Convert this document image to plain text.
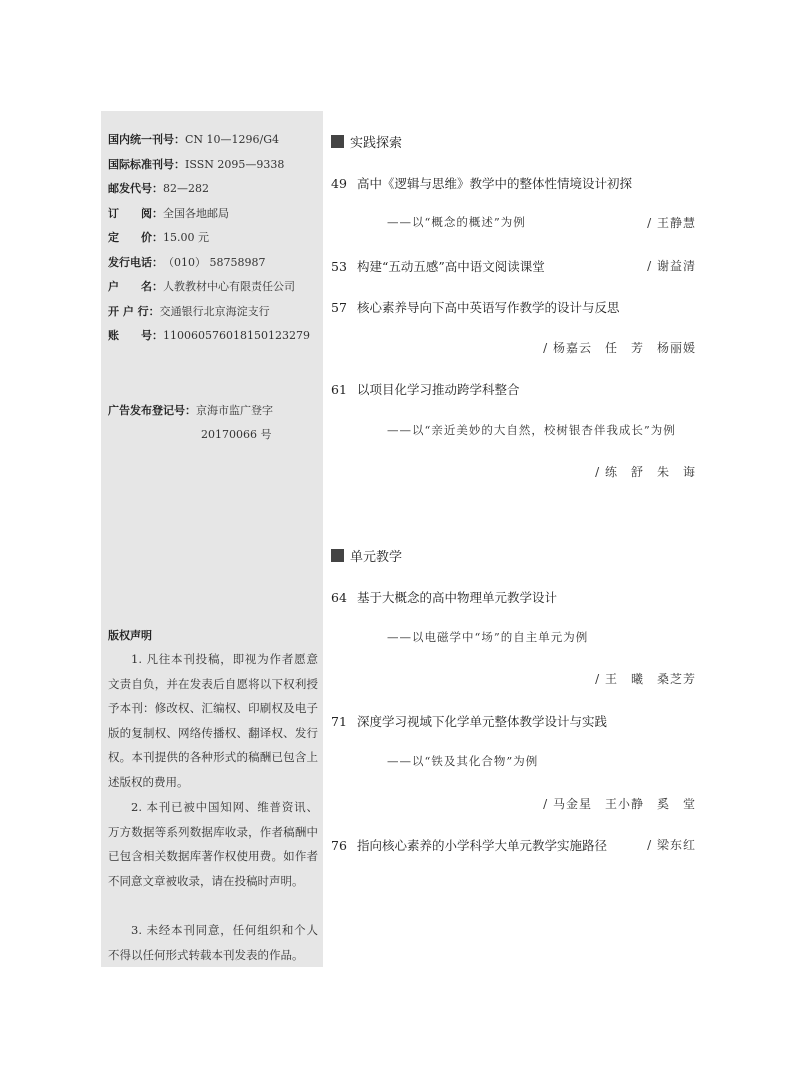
国内统一刊号：CN 10—1296/G4
国际标准刊号：ISSN 2095—9338
邮发代号：82—282
订　　阅：全国各地邮局
定　　价：15.00 元
发行电话：（010） 58758987
户　　名：人教教材中心有限责任公司
开 户 行：交通银行北京海淀支行
账　　号：110060576018150123279
广告发布登记号：京海市监广登字
20170066 号
版权声明
1. 凡往本刊投稿，即视为作者愿意文责自负，并在发表后自愿将以下权利授予本刊：修改权、汇编权、印刷权及电子版的复制权、网络传播权、翻译权、发行权。本刊提供的各种形式的稿酬已包含上述版权的费用。
2. 本刊已被中国知网、维普资讯、万方数据等系列数据库收录，作者稿酬中已包含相关数据库著作权使用费。如作者不同意文章被收录，请在投稿时声明。
3. 未经本刊同意，任何组织和个人不得以任何形式转载本刊发表的作品。
实践探索
49 高中《逻辑与思维》教学中的整体性情境设计初探
——以“概念的概述”为例	/ 王静慧
53 构建“五动五感”高中语文阅读课堂	/ 谢益清
57 核心素养导向下高中英语写作教学的设计与反思
/ 杨嘉云　任　芳　杨丽媛
61 以项目化学习推动跨学科整合
——以“亲近美妙的大自然，校树银杏伴我成长”为例
/ 练　舒　朱　诲
单元教学
64 基于大概念的高中物理单元教学设计
——以电磁学中“场”的自主单元为例
/ 王　曦　桑芝芳
71 深度学习视域下化学单元整体教学设计与实践
——以“铁及其化合物”为例
/ 马金星　王小静　奚　堂
76 指向核心素养的小学科学大单元教学实施路径	/ 梁东红
